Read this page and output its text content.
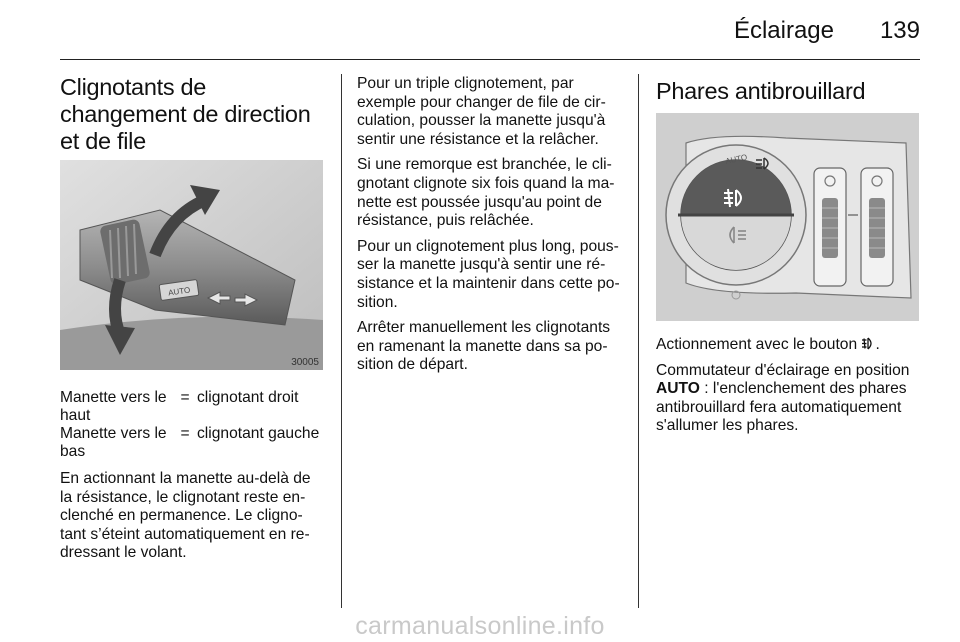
Éclairage 139
Clignotants de changement de direction et de file
AUTO
30005
Manette vers le haut	=	clignotant droit
Manette vers le bas	=	clignotant gauche

En actionnant la manette au-delà de la résistance, le clignotant reste en-clenché en permanence. Le cligno-tant s’éteint automatiquement en re-dressant le volant.

Pour un triple clignotement, par exemple pour changer de file de cir-culation, pousser la manette jusqu'à sentir une résistance et la relâcher.

Si une remorque est branchée, le cli-gnotant clignote six fois quand la ma-nette est poussée jusqu'au point de résistance, puis relâchée.

Pour un clignotement plus long, pous-ser la manette jusqu'à sentir une ré-sistance et la maintenir dans cette po-sition.

Arrêter manuellement les clignotants en ramenant la manette dans sa po-sition de départ.

Phares antibrouillard
AUTO

Actionnement avec le bouton .

Commutateur d'éclairage en position AUTO : l'enclenchement des phares antibrouillard fera automatiquement s'allumer les phares.

carmanualsonline.info
